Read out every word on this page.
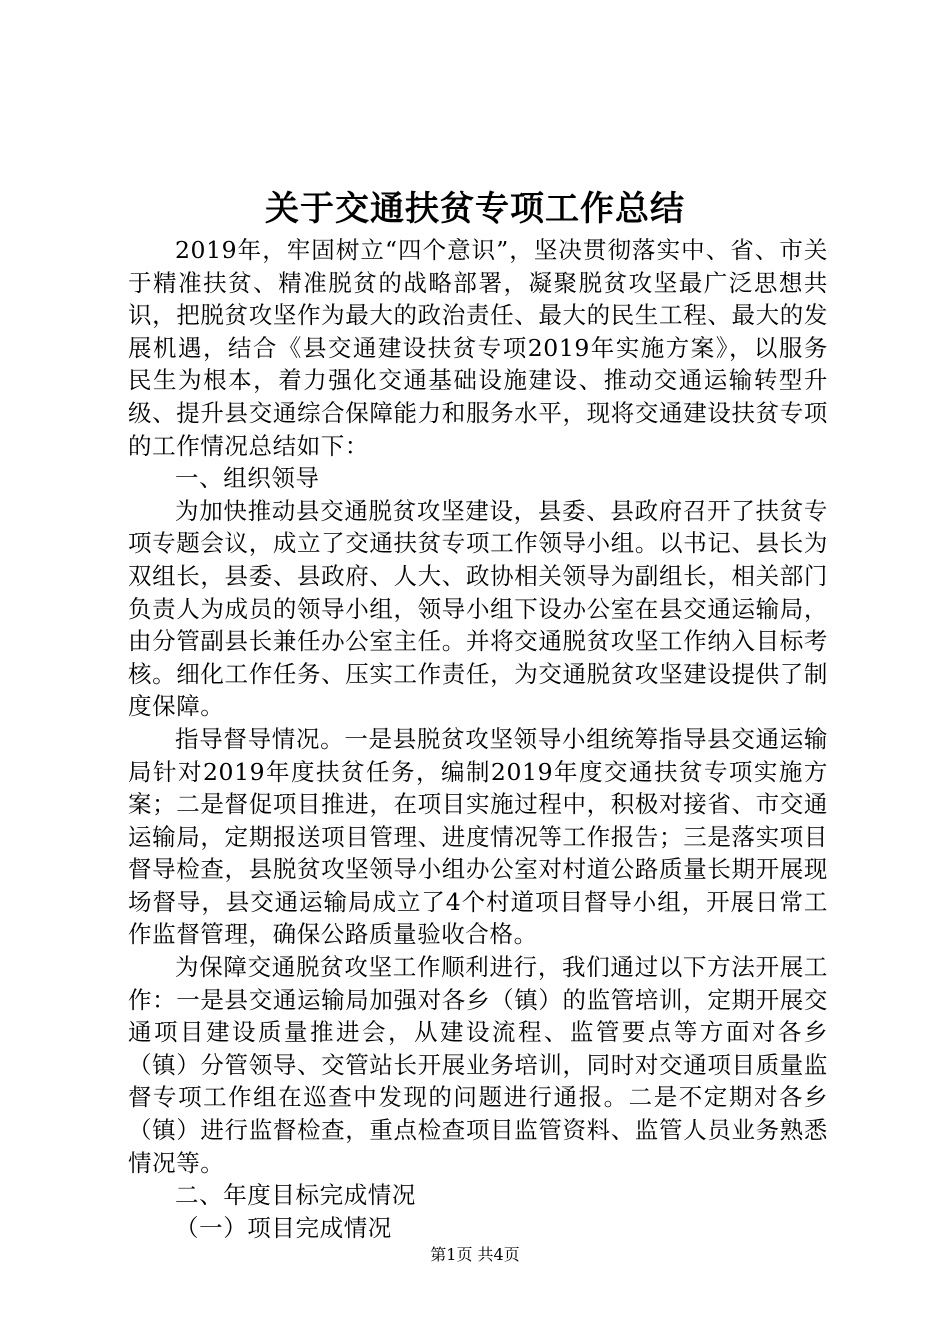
关于交通扶贫专项工作总结

2019年，牢固树立“四个意识”，坚决贯彻落实中、省、市关于精准扶贫、精准脱贫的战略部署，凝聚脱贫攻坚最广泛思想共识，把脱贫攻坚作为最大的政治责任、最大的民生工程、最大的发展机遇，结合《县交通建设扶贫专项2019年实施方案》，以服务民生为根本，着力强化交通基础设施建设、推动交通运输转型升级、提升县交通综合保障能力和服务水平，现将交通建设扶贫专项的工作情况总结如下：

一、组织领导

为加快推动县交通脱贫攻坚建设，县委、县政府召开了扶贫专项专题会议，成立了交通扶贫专项工作领导小组。以书记、县长为双组长，县委、县政府、人大、政协相关领导为副组长，相关部门负责人为成员的领导小组，领导小组下设办公室在县交通运输局，由分管副县长兼任办公室主任。并将交通脱贫攻坚工作纳入目标考核。细化工作任务、压实工作责任，为交通脱贫攻坚建设提供了制度保障。

指导督导情况。一是县脱贫攻坚领导小组统筹指导县交通运输局针对2019年度扶贫任务，编制2019年度交通扶贫专项实施方案；二是督促项目推进，在项目实施过程中，积极对接省、市交通运输局，定期报送项目管理、进度情况等工作报告；三是落实项目督导检查，县脱贫攻坚领导小组办公室对村道公路质量长期开展现场督导，县交通运输局成立了4个村道项目督导小组，开展日常工作监督管理，确保公路质量验收合格。

为保障交通脱贫攻坚工作顺利进行，我们通过以下方法开展工作：一是县交通运输局加强对各乡（镇）的监管培训，定期开展交通项目建设质量推进会，从建设流程、监管要点等方面对各乡（镇）分管领导、交管站长开展业务培训，同时对交通项目质量监督专项工作组在巡查中发现的问题进行通报。二是不定期对各乡（镇）进行监督检查，重点检查项目监管资料、监管人员业务熟悉情况等。

二、年度目标完成情况

（一）项目完成情况

第1页 共4页
